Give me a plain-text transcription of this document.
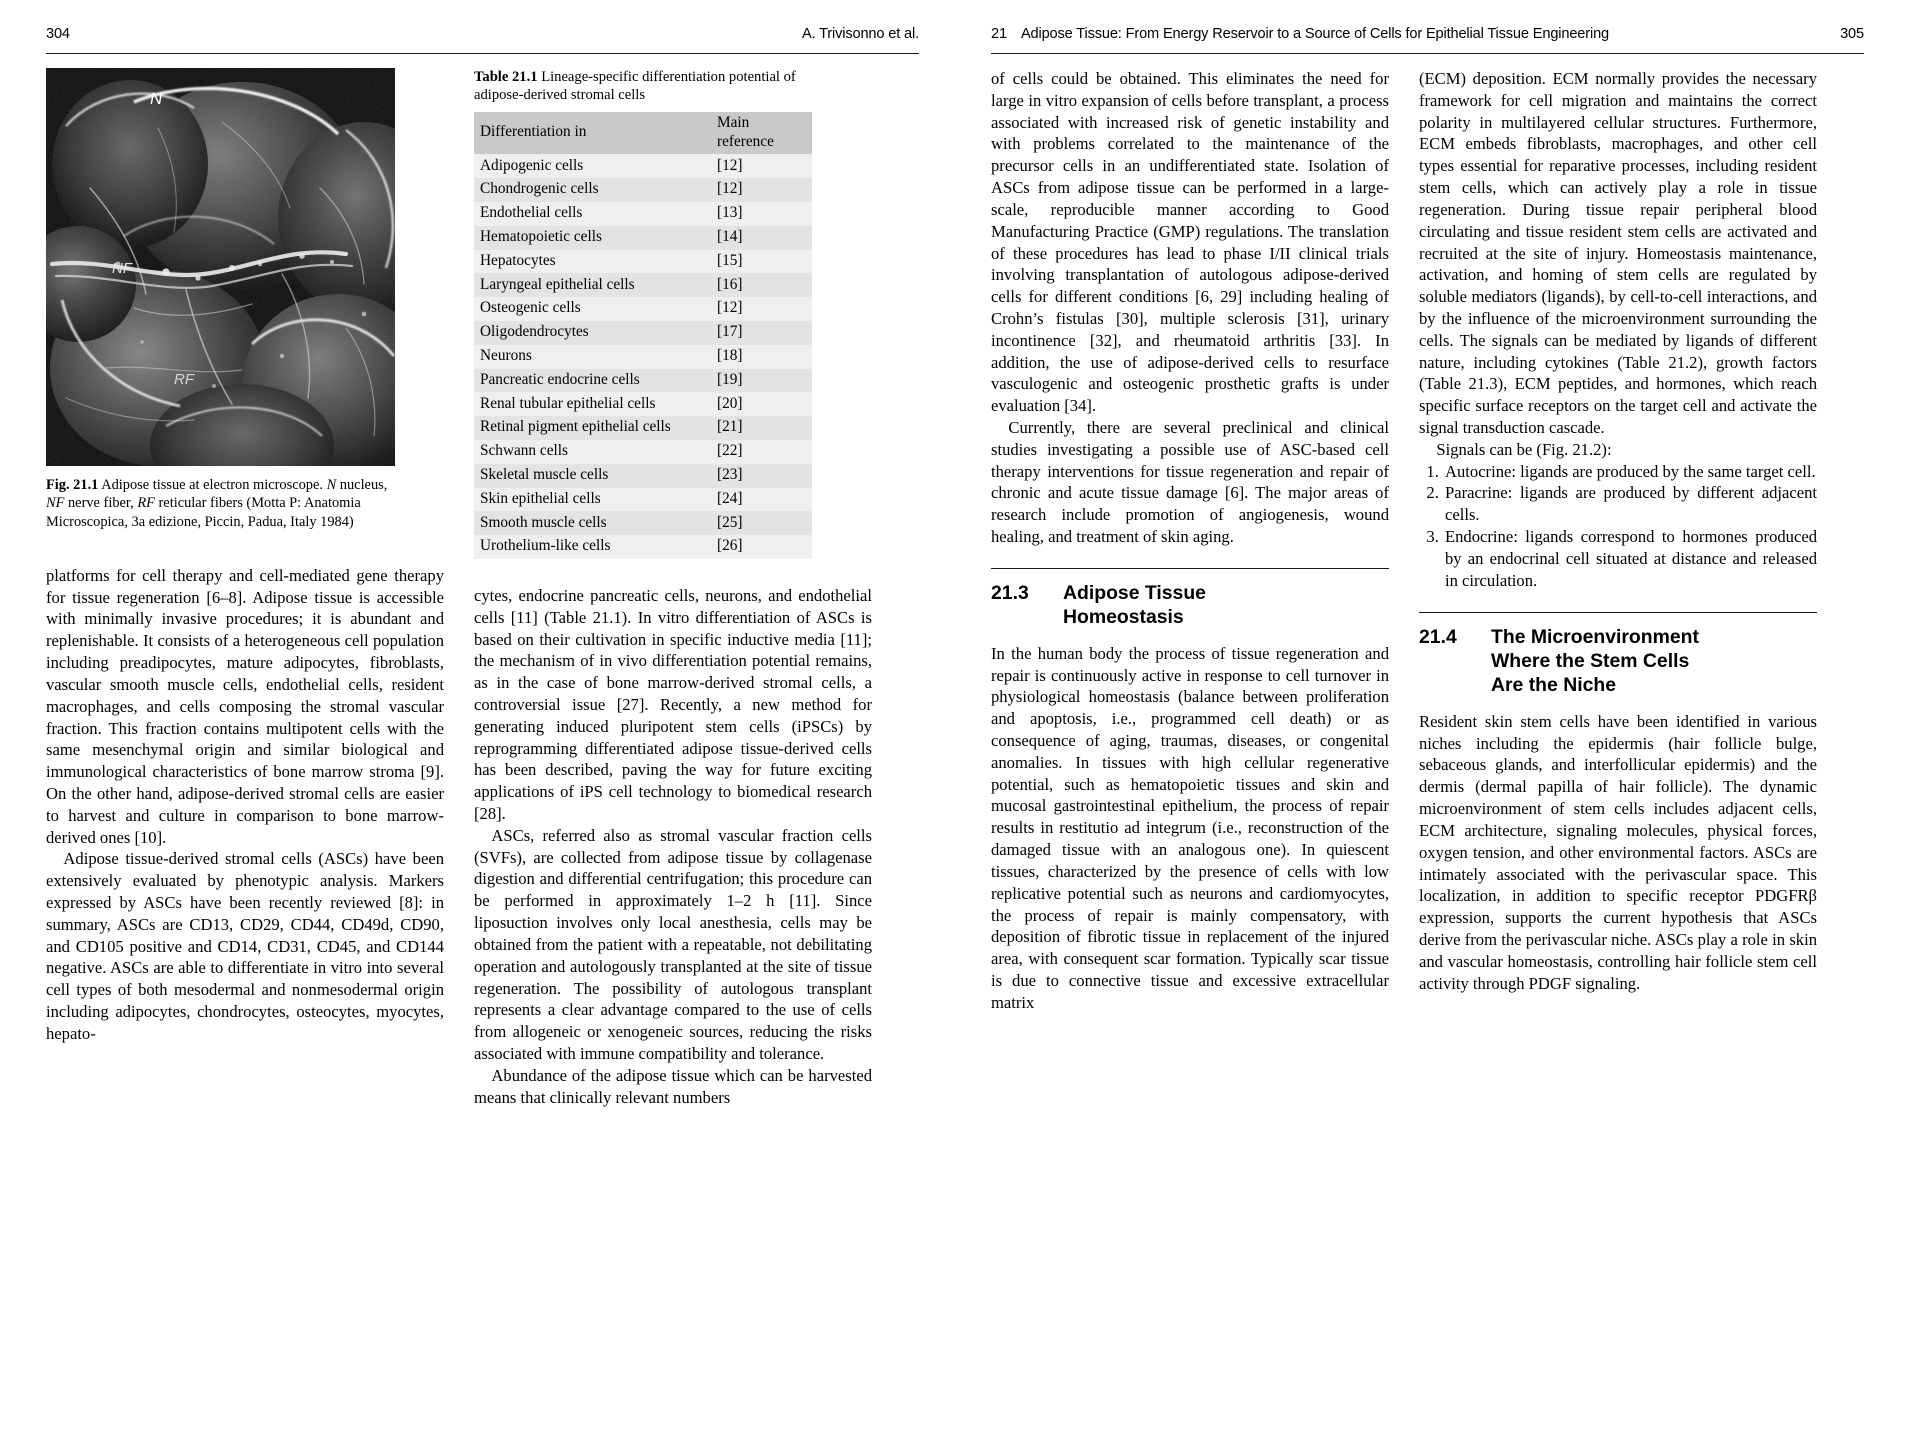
304	A. Trivisonno et al.
N
NF
RF
Fig. 21.1 Adipose tissue at electron microscope. N nucleus, NF nerve fiber, RF reticular fibers (Motta P: Anatomia Microscopica, 3a edizione, Piccin, Padua, Italy 1984)

platforms for cell therapy and cell-mediated gene therapy for tissue regeneration [6–8]. Adipose tissue is accessible with minimally invasive procedures; it is abundant and replenishable. It consists of a heterogeneous cell population including preadipocytes, mature adipocytes, fibroblasts, vascular smooth muscle cells, endothelial cells, resident macrophages, and cells composing the stromal vascular fraction. This fraction contains multipotent cells with the same mesenchymal origin and similar biological and immunological characteristics of bone marrow stroma [9]. On the other hand, adipose-derived stromal cells are easier to harvest and culture in comparison to bone marrow-derived ones [10].

Adipose tissue-derived stromal cells (ASCs) have been extensively evaluated by phenotypic analysis. Markers expressed by ASCs have been recently reviewed [8]: in summary, ASCs are CD13, CD29, CD44, CD49d, CD90, and CD105 positive and CD14, CD31, CD45, and CD144 negative. ASCs are able to differentiate in vitro into several cell types of both mesodermal and nonmesodermal origin including adipocytes, chondrocytes, osteocytes, myocytes, hepato-

Table 21.1 Lineage-specific differentiation potential of adipose-derived stromal cells
Differentiation in	Main reference
Adipogenic cells	[12]
Chondrogenic cells	[12]
Endothelial cells	[13]
Hematopoietic cells	[14]
Hepatocytes	[15]
Laryngeal epithelial cells	[16]
Osteogenic cells	[12]
Oligodendrocytes	[17]
Neurons	[18]
Pancreatic endocrine cells	[19]
Renal tubular epithelial cells	[20]
Retinal pigment epithelial cells	[21]
Schwann cells	[22]
Skeletal muscle cells	[23]
Skin epithelial cells	[24]
Smooth muscle cells	[25]
Urothelium-like cells	[26]

cytes, endocrine pancreatic cells, neurons, and endothelial cells [11] (Table 21.1). In vitro differentiation of ASCs is based on their cultivation in specific inductive media [11]; the mechanism of in vivo differentiation potential remains, as in the case of bone marrow-derived stromal cells, a controversial issue [27]. Recently, a new method for generating induced pluripotent stem cells (iPSCs) by reprogramming differentiated adipose tissue-derived cells has been described, paving the way for future exciting applications of iPS cell technology to biomedical research [28].

ASCs, referred also as stromal vascular fraction cells (SVFs), are collected from adipose tissue by collagenase digestion and differential centrifugation; this procedure can be performed in approximately 1–2 h [11]. Since liposuction involves only local anesthesia, cells may be obtained from the patient with a repeatable, not debilitating operation and autologously transplanted at the site of tissue regeneration. The possibility of autologous transplant represents a clear advantage compared to the use of cells from allogeneic or xenogeneic sources, reducing the risks associated with immune compatibility and tolerance.

Abundance of the adipose tissue which can be harvested means that clinically relevant numbers

21 Adipose Tissue: From Energy Reservoir to a Source of Cells for Epithelial Tissue Engineering	305

of cells could be obtained. This eliminates the need for large in vitro expansion of cells before transplant, a process associated with increased risk of genetic instability and with problems correlated to the maintenance of the precursor cells in an undifferentiated state. Isolation of ASCs from adipose tissue can be performed in a large-scale, reproducible manner according to Good Manufacturing Practice (GMP) regulations. The translation of these procedures has lead to phase I/II clinical trials involving transplantation of autologous adipose-derived cells for different conditions [6, 29] including healing of Crohn’s fistulas [30], multiple sclerosis [31], urinary incontinence [32], and rheumatoid arthritis [33]. In addition, the use of adipose-derived cells to resurface vasculogenic and osteogenic prosthetic grafts is under evaluation [34].

Currently, there are several preclinical and clinical studies investigating a possible use of ASC-based cell therapy interventions for tissue regeneration and repair of chronic and acute tissue damage [6]. The major areas of research include promotion of angiogenesis, wound healing, and treatment of skin aging.

21.3	Adipose Tissue
Homeostasis

In the human body the process of tissue regeneration and repair is continuously active in response to cell turnover in physiological homeostasis (balance between proliferation and apoptosis, i.e., programmed cell death) or as consequence of aging, traumas, diseases, or congenital anomalies. In tissues with high cellular regenerative potential, such as hematopoietic tissues and skin and mucosal gastrointestinal epithelium, the process of repair results in restitutio ad integrum (i.e., reconstruction of the damaged tissue with an analogous one). In quiescent tissues, characterized by the presence of cells with low replicative potential such as neurons and cardiomyocytes, the process of repair is mainly compensatory, with deposition of fibrotic tissue in replacement of the injured area, with consequent scar formation. Typically scar tissue is due to connective tissue and excessive extracellular matrix

(ECM) deposition. ECM normally provides the necessary framework for cell migration and maintains the correct polarity in multilayered cellular structures. Furthermore, ECM embeds fibroblasts, macrophages, and other cell types essential for reparative processes, including resident stem cells, which can actively play a role in tissue regeneration. During tissue repair peripheral blood circulating and tissue resident stem cells are activated and recruited at the site of injury. Homeostasis maintenance, activation, and homing of stem cells are regulated by soluble mediators (ligands), by cell-to-cell interactions, and by the influence of the microenvironment surrounding the cells. The signals can be mediated by ligands of different nature, including cytokines (Table 21.2), growth factors (Table 21.3), ECM peptides, and hormones, which reach specific surface receptors on the target cell and activate the signal transduction cascade.

Signals can be (Fig. 21.2):

1. Autocrine: ligands are produced by the same target cell.
2. Paracrine: ligands are produced by different adjacent cells.
3. Endocrine: ligands correspond to hormones produced by an endocrinal cell situated at distance and released in circulation.
21.4	The Microenvironment
Where the Stem Cells
Are the Niche

Resident skin stem cells have been identified in various niches including the epidermis (hair follicle bulge, sebaceous glands, and interfollicular epidermis) and the dermis (dermal papilla of hair follicle). The dynamic microenvironment of stem cells includes adjacent cells, ECM architecture, signaling molecules, physical forces, oxygen tension, and other environmental factors. ASCs are intimately associated with the perivascular space. This localization, in addition to specific receptor PDGFRβ expression, supports the current hypothesis that ASCs derive from the perivascular niche. ASCs play a role in skin and vascular homeostasis, controlling hair follicle stem cell activity through PDGF signaling.
